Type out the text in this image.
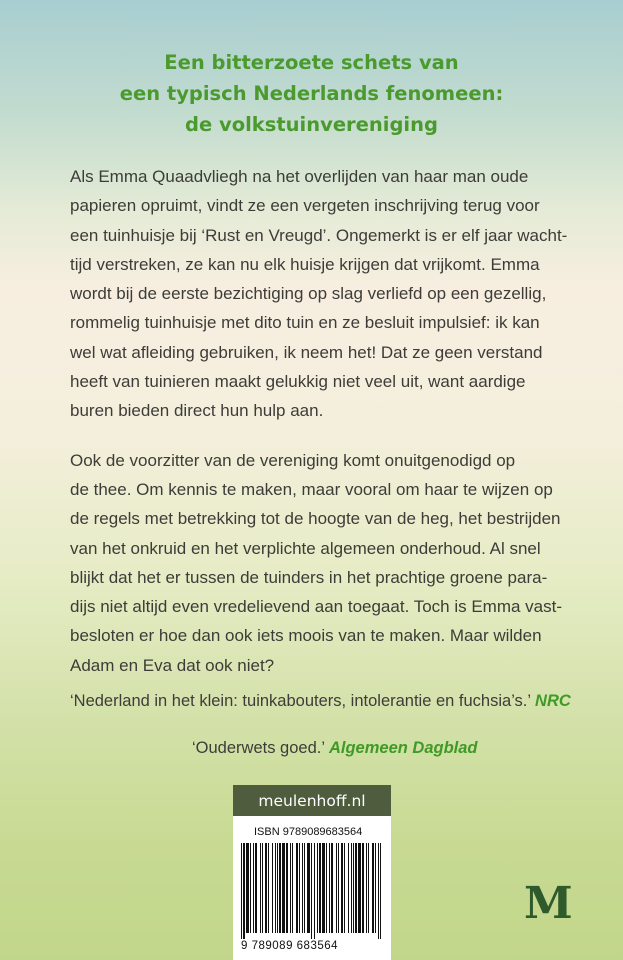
Een bitterzoete schets van
een typisch Nederlands fenomeen:
de volkstuinvereniging
Als Emma Quaadvliegh na het overlijden van haar man oude
papieren opruimt, vindt ze een vergeten inschrijving terug voor
een tuinhuisje bij ‘Rust en Vreugd’. Ongemerkt is er elf jaar wacht-
tijd verstreken, ze kan nu elk huisje krijgen dat vrijkomt. Emma
wordt bij de eerste bezichtiging op slag verliefd op een gezellig,
rommelig tuinhuisje met dito tuin en ze besluit impulsief: ik kan
wel wat afleiding gebruiken, ik neem het! Dat ze geen verstand
heeft van tuinieren maakt gelukkig niet veel uit, want aardige
buren bieden direct hun hulp aan.
Ook de voorzitter van de vereniging komt onuitgenodigd op
de thee. Om kennis te maken, maar vooral om haar te wijzen op
de regels met betrekking tot de hoogte van de heg, het bestrijden
van het onkruid en het verplichte algemeen onderhoud. Al snel
blijkt dat het er tussen de tuinders in het prachtige groene para-
dijs niet altijd even vredelievend aan toegaat. Toch is Emma vast-
besloten er hoe dan ook iets moois van te maken. Maar wilden
Adam en Eva dat ook niet?
‘Nederland in het klein: tuinkabouters, intolerantie en fuchsia’s.’ NRC
‘Ouderwets goed.’ Algemeen Dagblad
meulenhoff.nl
ISBN 9789089683564
9 789089 683564
M
